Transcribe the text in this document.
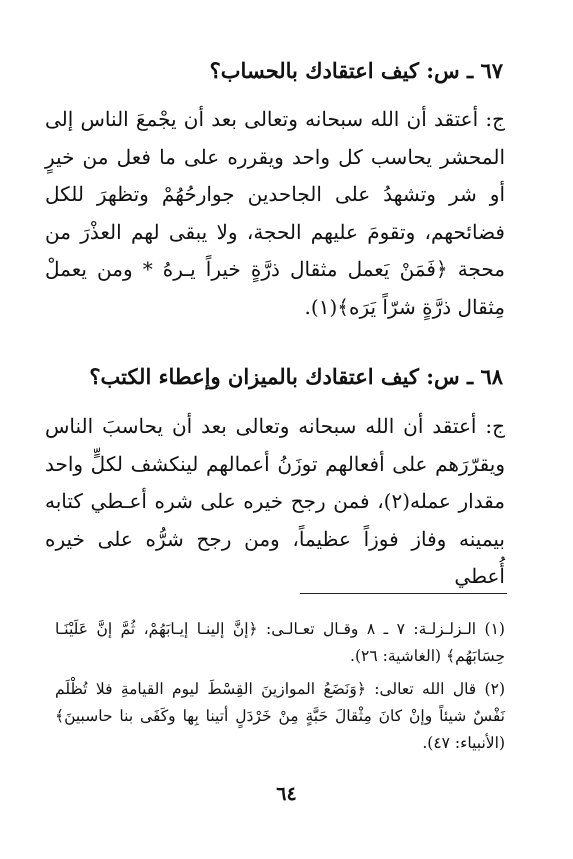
٦٧ ـ س: كيف اعتقادك بالحساب؟

ج: أعتقد أن الله سبحانه وتعالى بعد أن يجْمعَ الناس إلى المحشر يحاسب كل واحد ويقرره على ما فعل من خيرٍ أو شر وتشهدُ على الجاحدين جوارحُهُمْ وتظهرَ للكل فضائحهم، وتقومَ عليهم الحجة، ولا يبقى لهم العذْرَ من محجة ﴿فَمَنْ يَعمل مثقال ذرَّةٍ خيراً يـرهُ * ومن يعملْ مِثقال ذرَّةٍ شرّاً يَرَه﴾(١).

٦٨ ـ س: كيف اعتقادك بالميزان وإعطاء الكتب؟

ج: أعتقد أن الله سبحانه وتعالى بعد أن يحاسبَ الناس ويقرّرَهم على أفعالهم توزَنُ أعمالهم لينكشف لكلٍّ واحد مقدار عمله(٢)، فمن رجح خيره على شره أعـطي كتابه بيمينه وفاز فوزاً عظيماً، ومن رجح شرُّه على خيره أُعطي

(١) الـزلـزلـة: ٧ ـ ٨ وقـال تعـالـى: ﴿إنَّ إلينـا إيـابَهُمْ، ثُمَّ إنَّ عَلَيْنَـا حِسَابَهُم﴾ (الغاشية: ٢٦).

(٢) قال الله تعالى: ﴿وَنَضَعُ الموازينَ القِسْطَ ليوم القيامةِ فلا تُظْلَم نَفْسٌ شيئاً وإنْ كانَ مِثْقالَ حَبَّةٍ مِنْ خَرْدَلٍ أتينا بِها وكَفَى بنا حاسبينَ﴾ (الأنبياء: ٤٧).

٦٤
